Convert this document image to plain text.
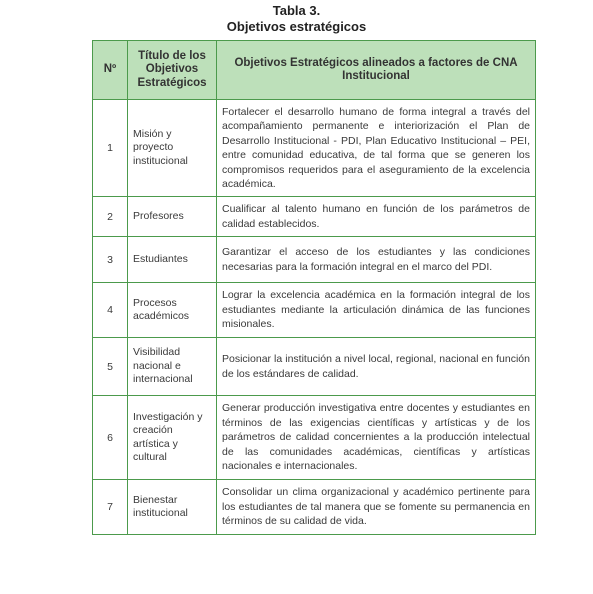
Tabla 3.
Objetivos estratégicos
Nº	Título de los Objetivos Estratégicos	Objetivos Estratégicos alineados a factores de CNA Institucional
1	Misión y proyecto institucional	Fortalecer el desarrollo humano de forma integral a través del acompañamiento permanente e interiorización el Plan de Desarrollo Institucional - PDI, Plan Educativo Institucional – PEI, entre comunidad educativa, de tal forma que se generen los compromisos requeridos para el aseguramiento de la excelencia académica.
2	Profesores	Cualificar al talento humano en función de los parámetros de calidad establecidos.
3	Estudiantes	Garantizar el acceso de los estudiantes y las condiciones necesarias para la formación integral en el marco del PDI.
4	Procesos académicos	Lograr la excelencia académica en la formación integral de los estudiantes mediante la articulación dinámica de las funciones misionales.
5	Visibilidad nacional e internacional	Posicionar la institución a nivel local, regional, nacional en función de los estándares de calidad.
6	Investigación y creación artística y cultural	Generar producción investigativa entre docentes y estudiantes en términos de las exigencias científicas y artísticas y de los parámetros de calidad concernientes a la producción intelectual de las comunidades académicas, científicas y artísticas nacionales e internacionales.
7	Bienestar institucional	Consolidar un clima organizacional y académico pertinente para los estudiantes de tal manera que se fomente su permanencia en términos de su calidad de vida.
